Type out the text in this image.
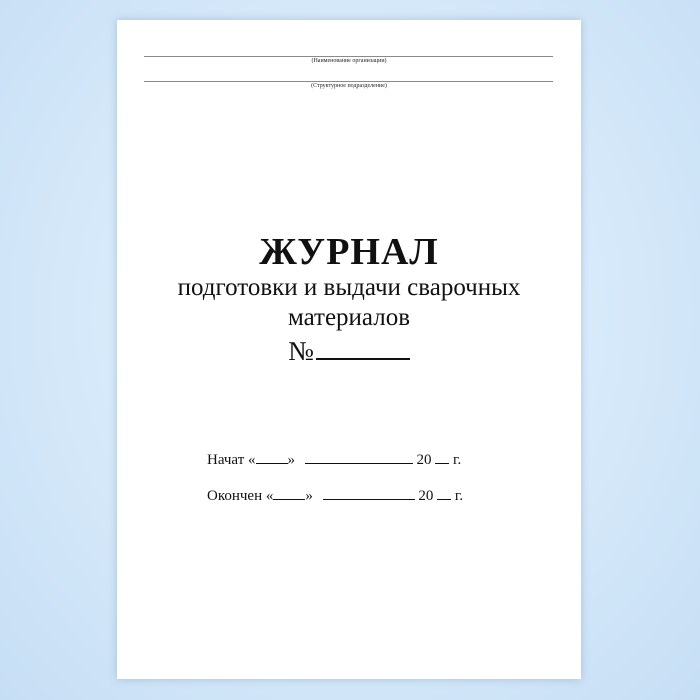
(Наименование организации)
(Структурное подразделение)
ЖУРНАЛ
подготовки и выдачи сварочных
материалов
№
Начат « »	20 г.
Окончен « »	20 г.
